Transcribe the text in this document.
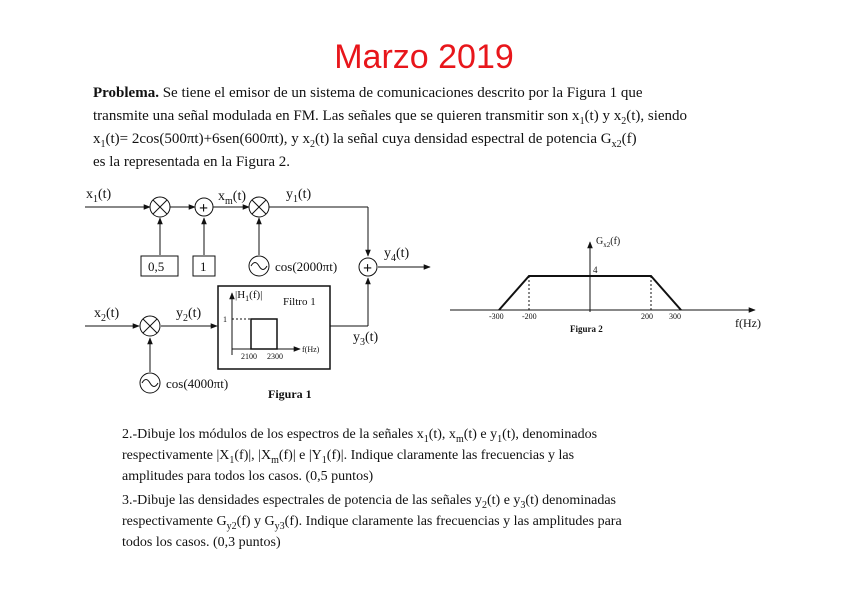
Marzo 2019
Problema. Se tiene el emisor de un sistema de comunicaciones descrito por la Figura 1 que
transmite una señal modulada en FM. Las señales que se quieren transmitir son $x_1(t)$ y $x_2(t)$, siendo
$x_1(t)= 2\cos(500\pi t)+6sen(600\pi t)$, y $x_2(t)$ la señal cuya densidad espectral de potencia $G_{x2}(f)$
es la representada en la Figura 2.
+
+
0,5	1	cos(2000πt)
cos(4000πt)
Filtro 1
1
2100 2300
f(Hz)
Figura 1
$x_1(t)$	$x_m(t)$	$y_1(t)$
$y_4(t)$
$x_2(t)$	$y_2(t)$
$y_3(t)$
$|H_1(f)|$
4
-300 -200	200 300	f(Hz)
Figura 2
$G_{x2}(f)$
2.-Dibuje los módulos de los espectros de la señales $x_1(t)$, $x_m(t)$ e $y_1(t)$, denominados
respectivamente $|X_1(f)|$, $|X_m(f)|$ e $|Y_1(f)|$. Indique claramente las frecuencias y las
amplitudes para todos los casos. (0,5 puntos)
3.-Dibuje las densidades espectrales de potencia de las señales $y_2(t)$ e $y_3(t)$ denominadas
respectivamente $G_{y2}(f)$ y $G_{y3}(f)$. Indique claramente las frecuencias y las amplitudes para
todos los casos. (0,3 puntos)
